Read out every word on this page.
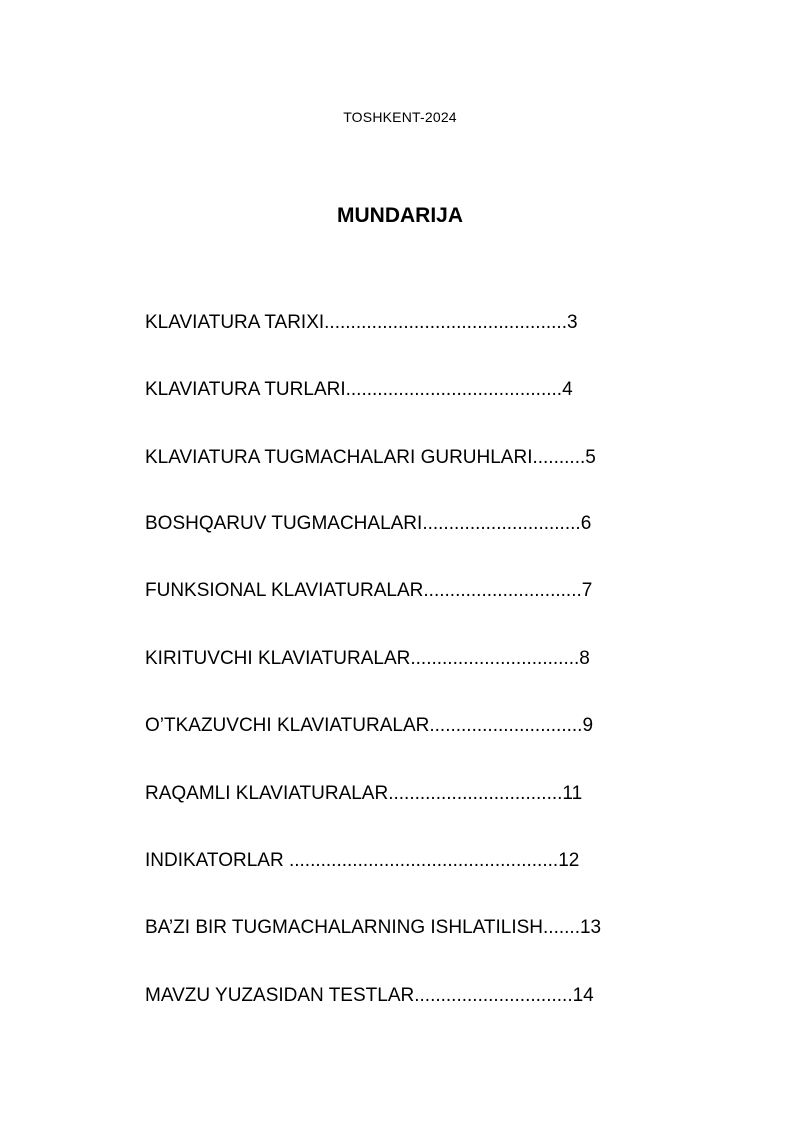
TOSHKENT-2024
MUNDARIJA
KLAVIATURA TARIXI..............................................3
KLAVIATURA TURLARI.........................................4
KLAVIATURA TUGMACHALARI GURUHLARI..........5
BOSHQARUV TUGMACHALARI..............................6
FUNKSIONAL KLAVIATURALAR..............................7
KIRITUVCHI KLAVIATURALAR................................8
O’TKAZUVCHI KLAVIATURALAR.............................9
RAQAMLI KLAVIATURALAR.................................11
INDIKATORLAR ...................................................12
BA’ZI BIR TUGMACHALARNING ISHLATILISH.......13
MAVZU YUZASIDAN TESTLAR..............................14
